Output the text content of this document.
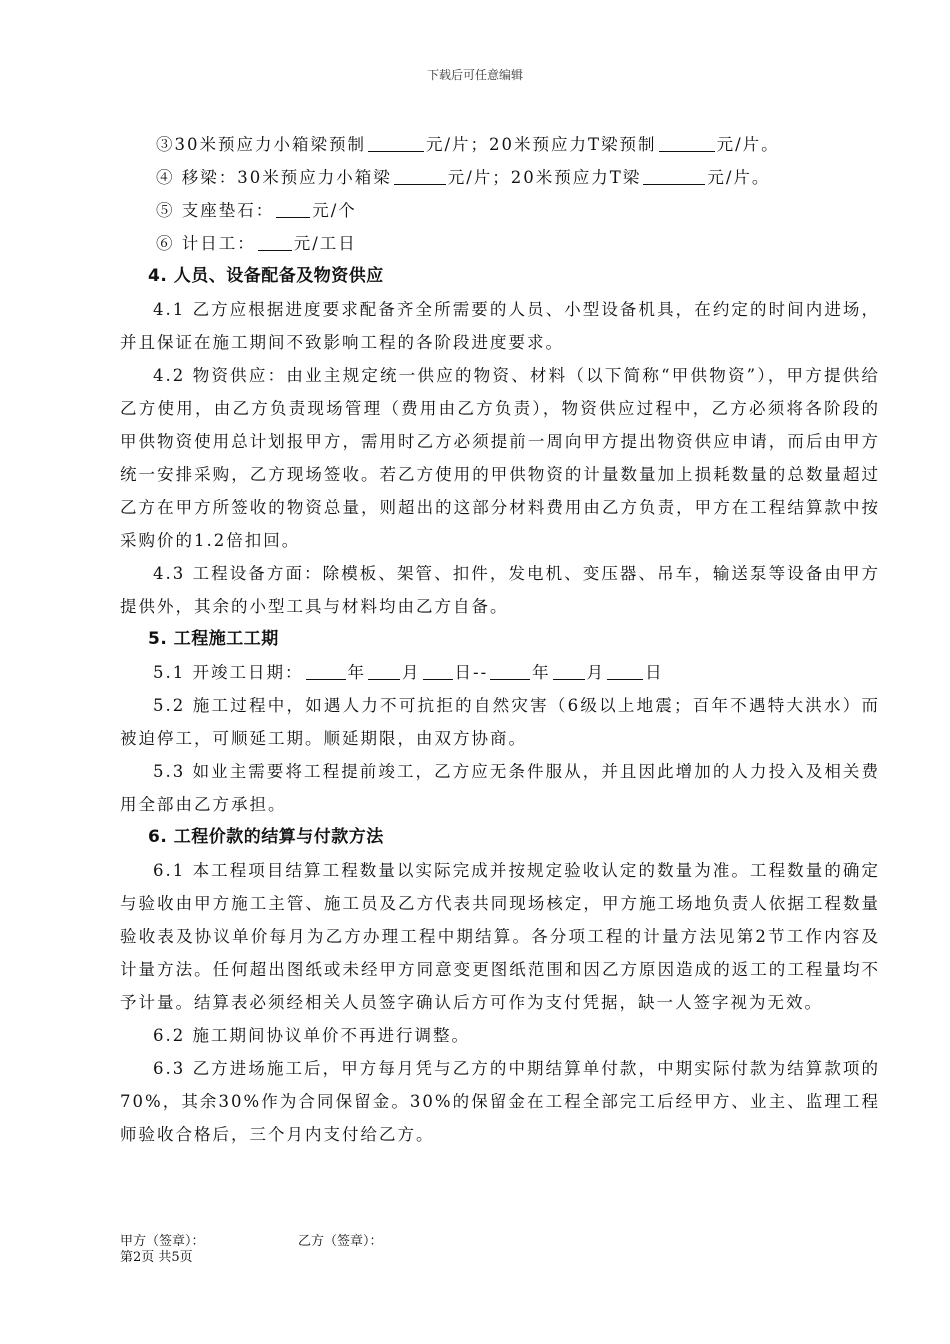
下载后可任意编辑

③30米预应力小箱梁预制	元/片；20米预应力T梁预制	元/片。

④ 移梁：30米预应力小箱梁	元/片；20米预应力T梁	元/片。

⑤ 支座垫石： 元/个

⑥ 计日工： 元/工日

4. 人员、设备配备及物资供应

4.1 乙方应根据进度要求配备齐全所需要的人员、小型设备机具，在约定的时间内进场，并且保证在施工期间不致影响工程的各阶段进度要求。

4.2 物资供应：由业主规定统一供应的物资、材料（以下简称“甲供物资”），甲方提供给乙方使用，由乙方负责现场管理（费用由乙方负责），物资供应过程中，乙方必须将各阶段的甲供物资使用总计划报甲方，需用时乙方必须提前一周向甲方提出物资供应申请，而后由甲方统一安排采购，乙方现场签收。若乙方使用的甲供物资的计量数量加上损耗数量的总数量超过乙方在甲方所签收的物资总量，则超出的这部分材料费用由乙方负责，甲方在工程结算款中按采购价的1.2倍扣回。

4.3 工程设备方面：除模板、架管、扣件，发电机、变压器、吊车，输送泵等设备由甲方提供外，其余的小型工具与材料均由乙方自备。

5. 工程施工工期

5.1 开竣工日期：	年 月 日--	年 月 日

5.2 施工过程中，如遇人力不可抗拒的自然灾害（6级以上地震；百年不遇特大洪水）而被迫停工，可顺延工期。顺延期限，由双方协商。

5.3 如业主需要将工程提前竣工，乙方应无条件服从，并且因此增加的人力投入及相关费用全部由乙方承担。

6. 工程价款的结算与付款方法

6.1 本工程项目结算工程数量以实际完成并按规定验收认定的数量为准。工程数量的确定与验收由甲方施工主管、施工员及乙方代表共同现场核定，甲方施工场地负责人依据工程数量验收表及协议单价每月为乙方办理工程中期结算。各分项工程的计量方法见第2节工作内容及计量方法。任何超出图纸或未经甲方同意变更图纸范围和因乙方原因造成的返工的工程量均不予计量。结算表必须经相关人员签字确认后方可作为支付凭据，缺一人签字视为无效。

6.2 施工期间协议单价不再进行调整。

6.3 乙方进场施工后，甲方每月凭与乙方的中期结算单付款，中期实际付款为结算款项的70%，其余30%作为合同保留金。30%的保留金在工程全部完工后经甲方、业主、监理工程师验收合格后，三个月内支付给乙方。

甲方（签章）：	乙方（签章）：
第2页 共5页
